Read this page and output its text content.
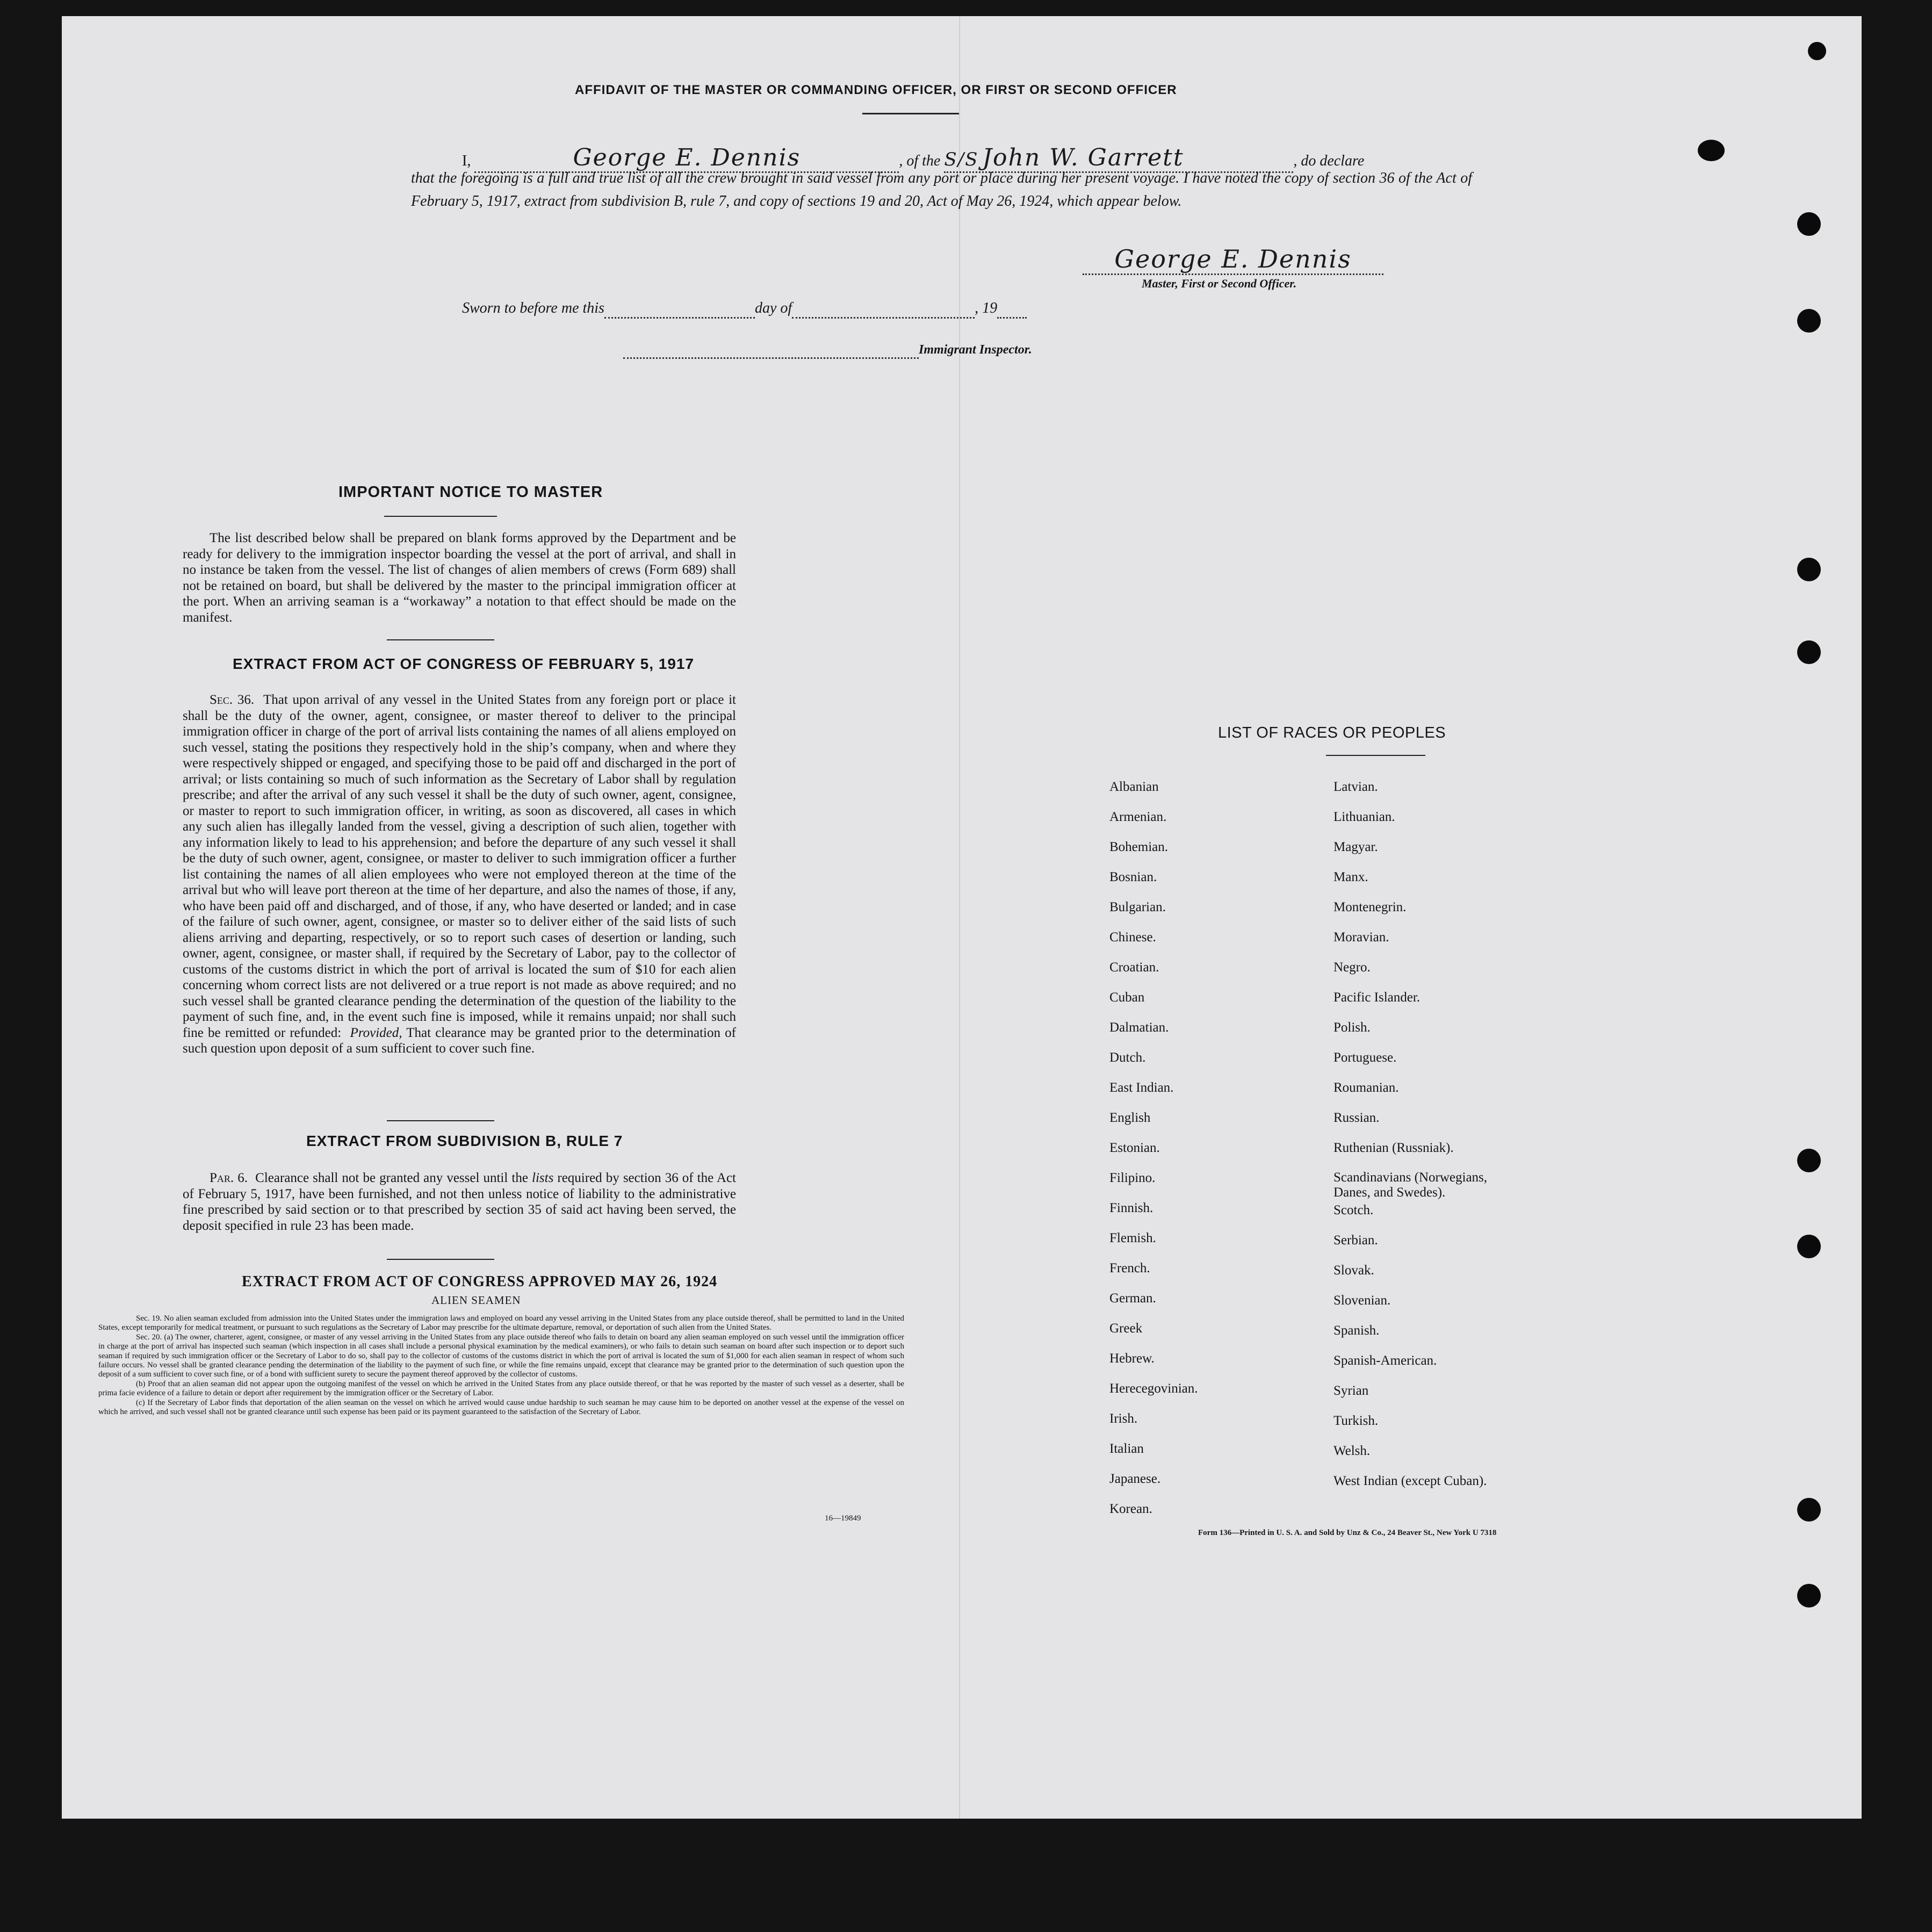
AFFIDAVIT OF THE MASTER OR COMMANDING OFFICER, OR FIRST OR SECOND OFFICER
I,	George E. Dennis	, of the S/S John W. Garrett	, do declare
that the foregoing is a full and true list of all the crew brought in said vessel from any port or place during her present voyage. I have noted the copy of section 36 of the Act of February 5, 1917, extract from subdivision B, rule 7, and copy of sections 19 and 20, Act of May 26, 1924, which appear below.
George E. Dennis
Master, First or Second Officer.
Sworn to before me this	day of	, 19
Immigrant Inspector.
IMPORTANT NOTICE TO MASTER
The list described below shall be prepared on blank forms approved by the Department and be ready for delivery to the immigration inspector boarding the vessel at the port of arrival, and shall in no instance be taken from the vessel. The list of changes of alien members of crews (Form 689) shall not be retained on board, but shall be delivered by the master to the principal immigration officer at the port. When an arriving seaman is a “workaway” a notation to that effect should be made on the manifest.
EXTRACT FROM ACT OF CONGRESS OF FEBRUARY 5, 1917
Sec. 36. That upon arrival of any vessel in the United States from any foreign port or place it shall be the duty of the owner, agent, consignee, or master thereof to deliver to the principal immigration officer in charge of the port of arrival lists containing the names of all aliens employed on such vessel, stating the positions they respectively hold in the ship’s company, when and where they were respectively shipped or engaged, and specifying those to be paid off and discharged in the port of arrival; or lists containing so much of such information as the Secretary of Labor shall by regulation prescribe; and after the arrival of any such vessel it shall be the duty of such owner, agent, consignee, or master to report to such immigration officer, in writing, as soon as discovered, all cases in which any such alien has illegally landed from the vessel, giving a description of such alien, together with any information likely to lead to his apprehension; and before the departure of any such vessel it shall be the duty of such owner, agent, consignee, or master to deliver to such immigration officer a further list containing the names of all alien employees who were not employed thereon at the time of the arrival but who will leave port thereon at the time of her departure, and also the names of those, if any, who have been paid off and discharged, and of those, if any, who have deserted or landed; and in case of the failure of such owner, agent, consignee, or master so to deliver either of the said lists of such aliens arriving and departing, respectively, or so to report such cases of desertion or landing, such owner, agent, consignee, or master shall, if required by the Secretary of Labor, pay to the collector of customs of the customs district in which the port of arrival is located the sum of $10 for each alien concerning whom correct lists are not delivered or a true report is not made as above required; and no such vessel shall be granted clearance pending the determination of the question of the liability to the payment of such fine, and, in the event such fine is imposed, while it remains unpaid; nor shall such fine be remitted or refunded: Provided, That clearance may be granted prior to the determination of such question upon deposit of a sum sufficient to cover such fine.
EXTRACT FROM SUBDIVISION B, RULE 7
Par. 6. Clearance shall not be granted any vessel until the lists required by section 36 of the Act of February 5, 1917, have been furnished, and not then unless notice of liability to the administrative fine prescribed by said section or to that prescribed by section 35 of said act having been served, the deposit specified in rule 23 has been made.
EXTRACT FROM ACT OF CONGRESS APPROVED MAY 26, 1924
ALIEN SEAMEN
Sec. 19. No alien seaman excluded from admission into the United States under the immigration laws and employed on board any vessel arriving in the United States from any place outside thereof, shall be permitted to land in the United States, except temporarily for medical treatment, or pursuant to such regulations as the Secretary of Labor may prescribe for the ultimate departure, removal, or deportation of such alien from the United States.
Sec. 20. (a) The owner, charterer, agent, consignee, or master of any vessel arriving in the United States from any place outside thereof who fails to detain on board any alien seaman employed on such vessel until the immigration officer in charge at the port of arrival has inspected such seaman (which inspection in all cases shall include a personal physical examination by the medical examiners), or who fails to detain such seaman on board after such inspection or to deport such seaman if required by such immigration officer or the Secretary of Labor to do so, shall pay to the collector of customs of the customs district in which the port of arrival is located the sum of $1,000 for each alien seaman in respect of whom such failure occurs. No vessel shall be granted clearance pending the determination of the liability to the payment of such fine, or while the fine remains unpaid, except that clearance may be granted prior to the determination of such question upon the deposit of a sum sufficient to cover such fine, or of a bond with sufficient surety to secure the payment thereof approved by the collector of customs.
(b) Proof that an alien seaman did not appear upon the outgoing manifest of the vessel on which he arrived in the United States from any place outside thereof, or that he was reported by the master of such vessel as a deserter, shall be prima facie evidence of a failure to detain or deport after requirement by the immigration officer or the Secretary of Labor.
(c) If the Secretary of Labor finds that deportation of the alien seaman on the vessel on which he arrived would cause undue hardship to such seaman he may cause him to be deported on another vessel at the expense of the vessel on which he arrived, and such vessel shall not be granted clearance until such expense has been paid or its payment guaranteed to the satisfaction of the Secretary of Labor.
16—19849
LIST OF RACES OR PEOPLES
Albanian
Armenian.
Bohemian.
Bosnian.
Bulgarian.
Chinese.
Croatian.
Cuban
Dalmatian.
Dutch.
East Indian.
English
Estonian.
Filipino.
Finnish.
Flemish.
French.
German.
Greek
Hebrew.
Herecegovinian.
Irish.
Italian
Japanese.
Korean.
Latvian.
Lithuanian.
Magyar.
Manx.
Montenegrin.
Moravian.
Negro.
Pacific Islander.
Polish.
Portuguese.
Roumanian.
Russian.
Ruthenian (Russniak).
Scandinavians (Norwegians, Danes, and Swedes).
Scotch.
Serbian.
Slovak.
Slovenian.
Spanish.
Spanish-American.
Syrian
Turkish.
Welsh.
West Indian (except Cuban).
Form 136—Printed in U. S. A. and Sold by Unz & Co., 24 Beaver St., New York U 7318
